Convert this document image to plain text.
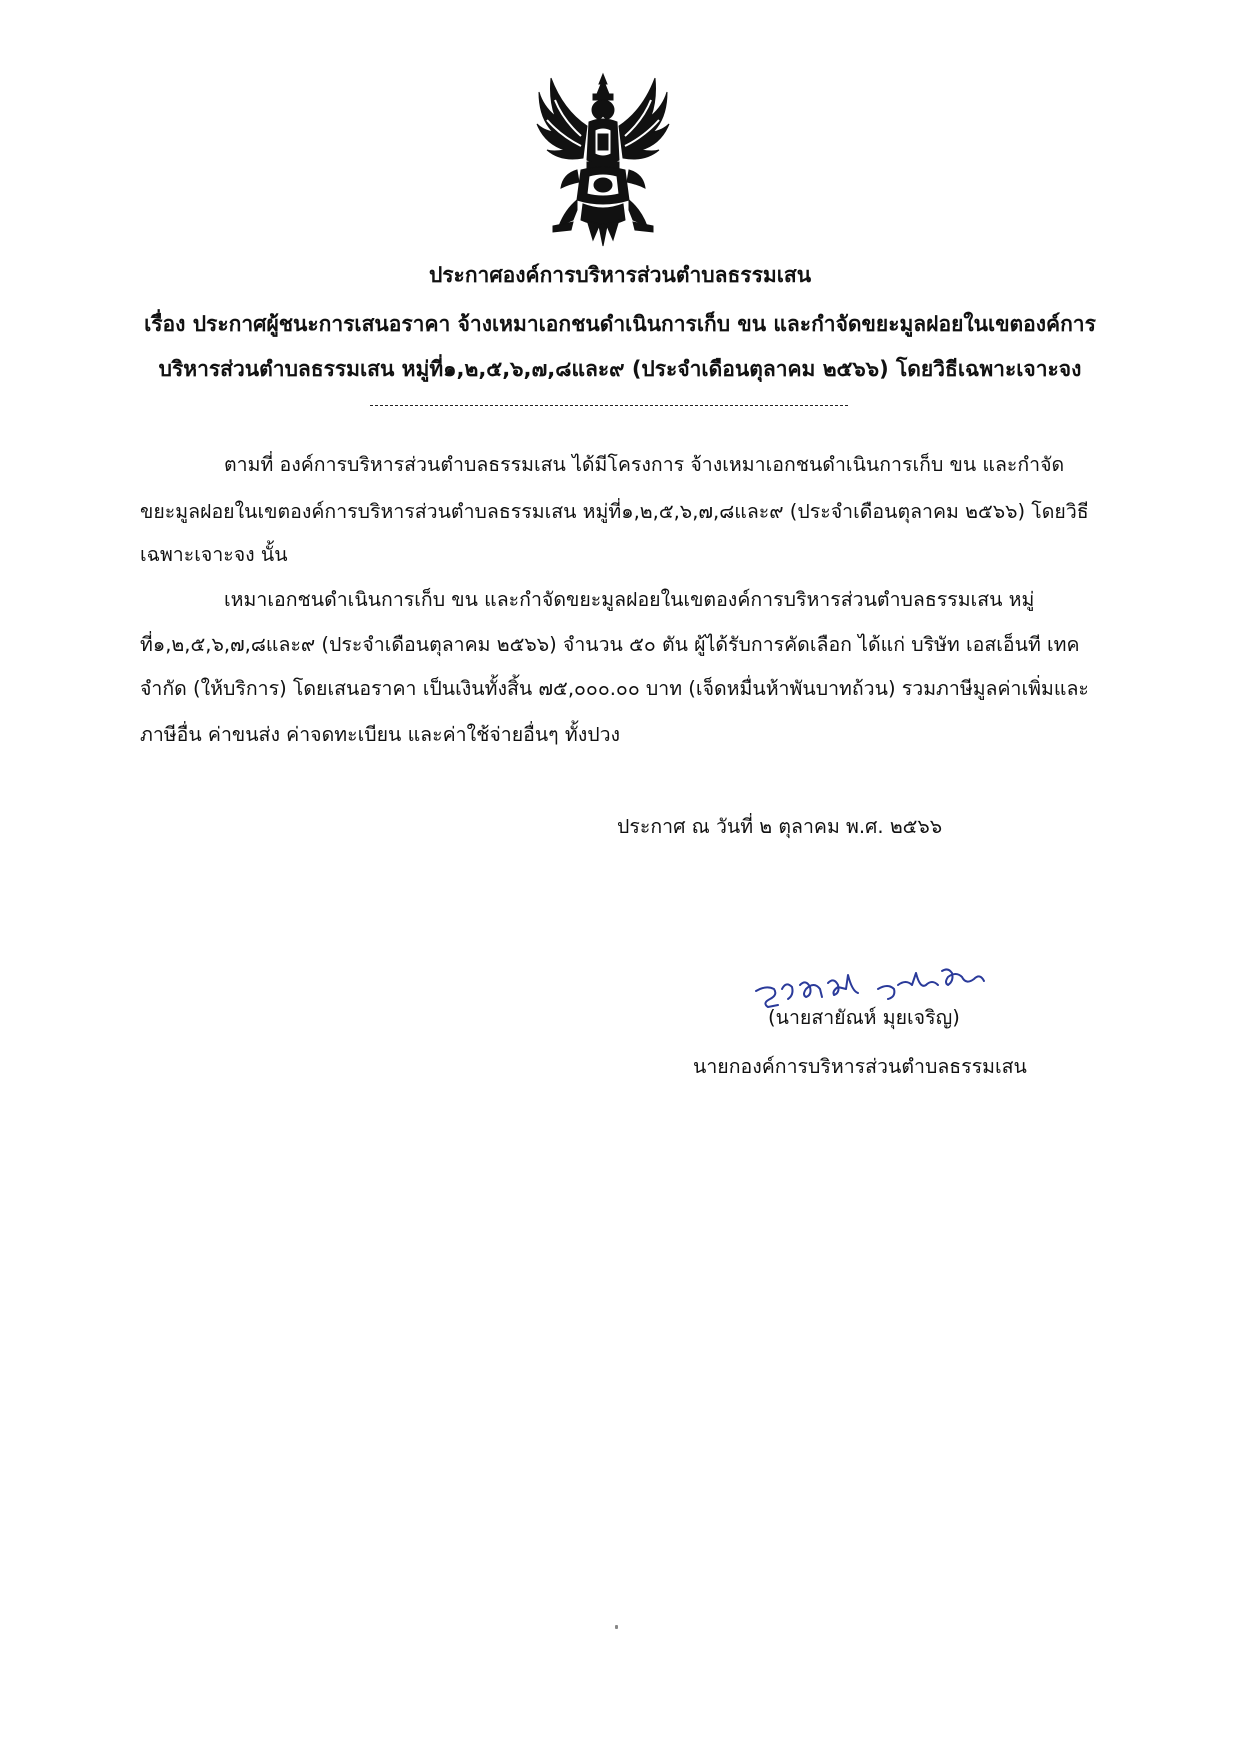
ประกาศองค์การบริหารส่วนตำบลธรรมเสน
เรื่อง ประกาศผู้ชนะการเสนอราคา จ้างเหมาเอกชนดำเนินการเก็บ ขน และกำจัดขยะมูลฝอยในเขตองค์การ
บริหารส่วนตำบลธรรมเสน หมู่ที่๑,๒,๕,๖,๗,๘และ๙ (ประจำเดือนตุลาคม ๒๕๖๖) โดยวิธีเฉพาะเจาะจง
ตามที่ องค์การบริหารส่วนตำบลธรรมเสน ได้มีโครงการ จ้างเหมาเอกชนดำเนินการเก็บ ขน และกำจัด
ขยะมูลฝอยในเขตองค์การบริหารส่วนตำบลธรรมเสน หมู่ที่๑,๒,๕,๖,๗,๘และ๙ (ประจำเดือนตุลาคม ๒๕๖๖) โดยวิธี
เฉพาะเจาะจง นั้น
เหมาเอกชนดำเนินการเก็บ ขน และกำจัดขยะมูลฝอยในเขตองค์การบริหารส่วนตำบลธรรมเสน หมู่
ที่๑,๒,๕,๖,๗,๘และ๙ (ประจำเดือนตุลาคม ๒๕๖๖) จำนวน ๕๐ ตัน ผู้ได้รับการคัดเลือก ได้แก่ บริษัท เอสเอ็นที เทค
จำกัด (ให้บริการ) โดยเสนอราคา เป็นเงินทั้งสิ้น ๗๕,๐๐๐.๐๐ บาท (เจ็ดหมื่นห้าพันบาทถ้วน) รวมภาษีมูลค่าเพิ่มและ
ภาษีอื่น ค่าขนส่ง ค่าจดทะเบียน และค่าใช้จ่ายอื่นๆ ทั้งปวง
ประกาศ ณ วันที่ ๒ ตุลาคม พ.ศ. ๒๕๖๖
(นายสายัณห์ มุยเจริญ)
นายกองค์การบริหารส่วนตำบลธรรมเสน
